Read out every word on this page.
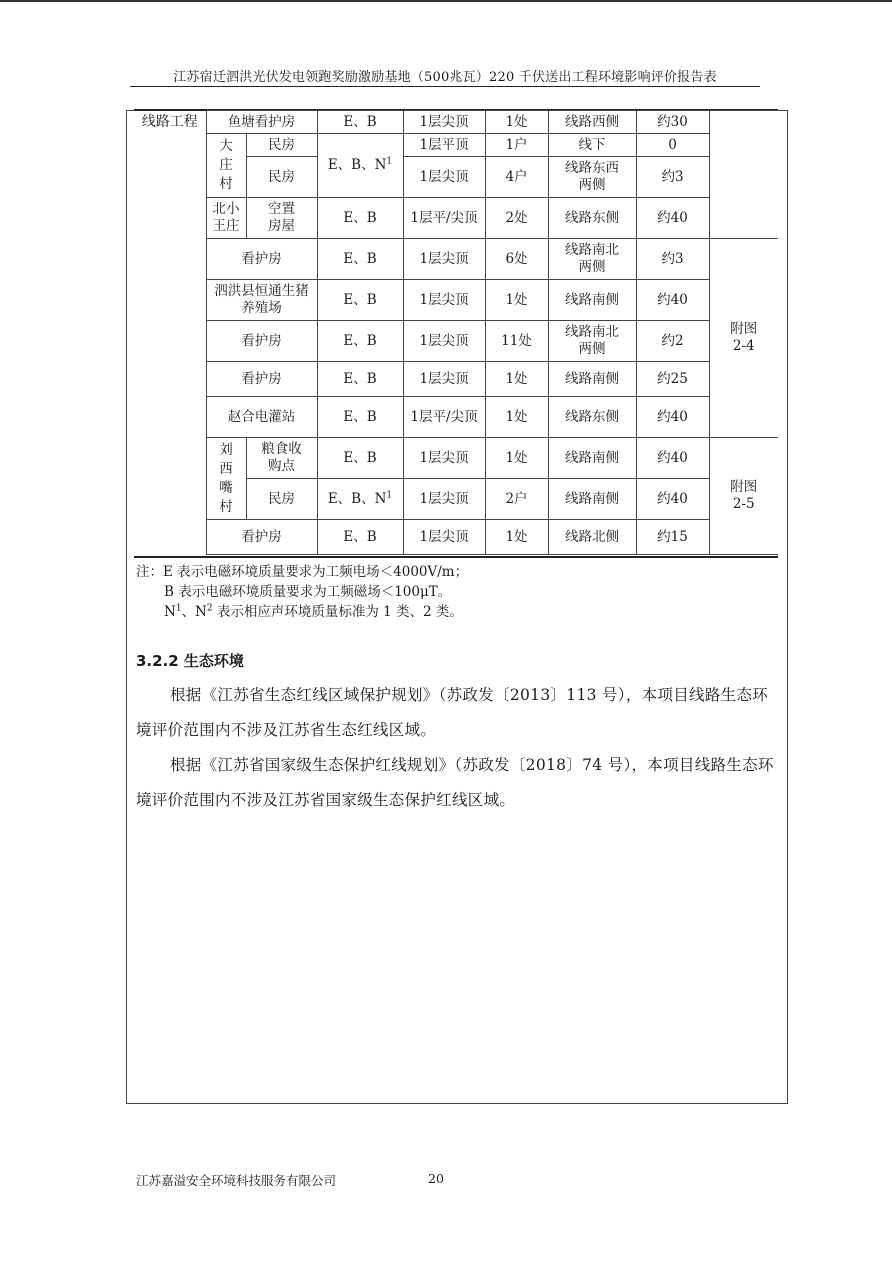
江苏宿迁泗洪光伏发电领跑奖励激励基地（500兆瓦）220 千伏送出工程环境影响评价报告表
线路工程	鱼塘看护房		E、B	1层尖顶	1处	线路西侧	约30	
	大庄村	民房	E、B、$N^1$	1层平顶	1户	线下	0	
		民房		1层尖顶	4户	线路东西两侧	约3	
	北小王庄	空置房屋	E、B	1层平/尖顶	2处	线路东侧	约40	
	看护房		E、B	1层尖顶	6处	线路南北两侧	约3	附图2-4
	泗洪县恒通生猪养殖场		E、B	1层尖顶	1处	线路南侧	约40	
	看护房		E、B	1层尖顶	11处	线路南北两侧	约2	
	看护房		E、B	1层尖顶	1处	线路南侧	约25	
	赵合电灌站		E、B	1层平/尖顶	1处	线路东侧	约40	
	刘西嘴村	粮食收购点	E、B	1层尖顶	1处	线路南侧	约40	附图2-5
		民房	E、B、$N^1$	1层尖顶	2户	线路南侧	约40	
	看护房		E、B	1层尖顶	1处	线路北侧	约15	
注：E 表示电磁环境质量要求为工频电场＜4000V/m；
B 表示电磁环境质量要求为工频磁场＜100μT。
$N^1$、$N^2$ 表示相应声环境质量标准为 1 类、2 类。
3.2.2 生态环境
根据《江苏省生态红线区域保护规划》（苏政发〔2013〕113 号），本项目线路生态环境评价范围内不涉及江苏省生态红线区域。
根据《江苏省国家级生态保护红线规划》（苏政发〔2018〕74 号），本项目线路生态环境评价范围内不涉及江苏省国家级生态保护红线区域。
江苏嘉溢安全环境科技服务有限公司	20
